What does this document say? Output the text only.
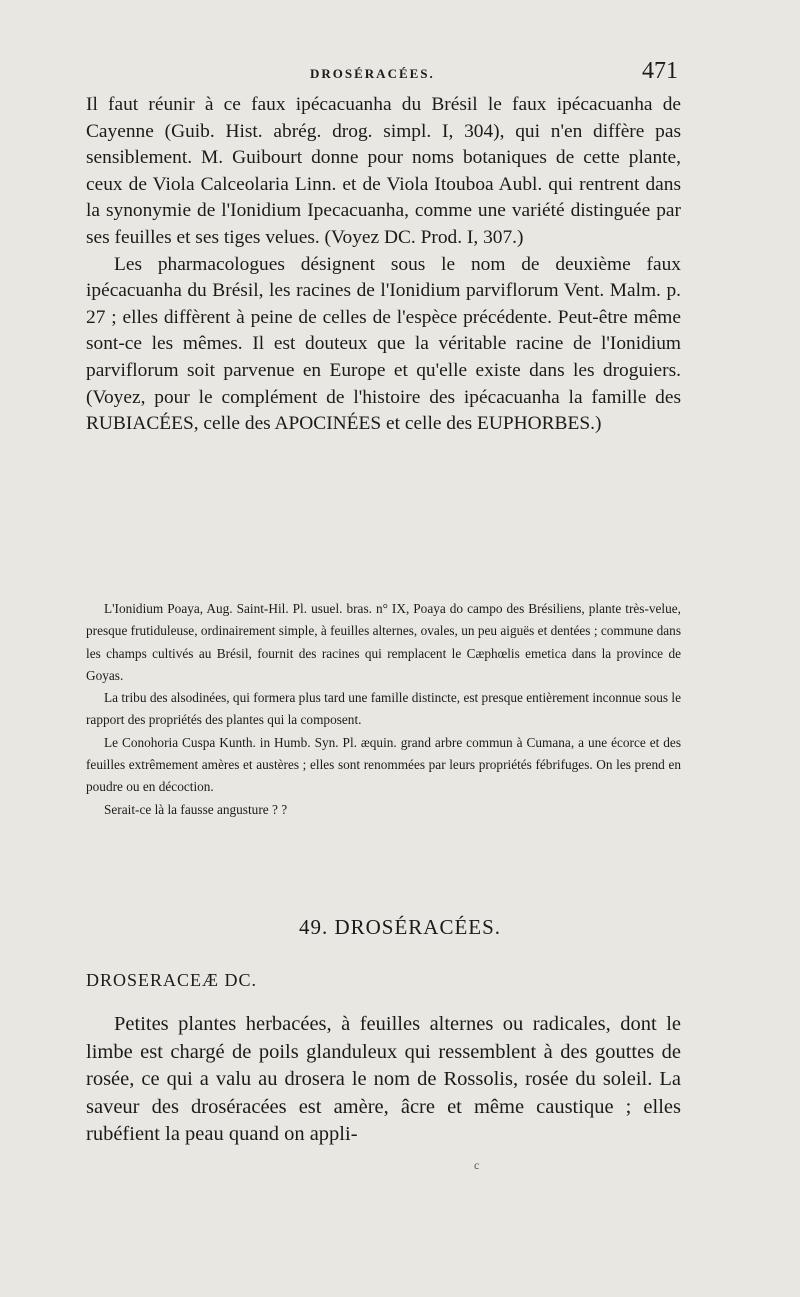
DROSÉRACÉES.	471

Il faut réunir à ce faux ipécacuanha du Brésil le faux ipécacuanha de Cayenne (Guib. Hist. abrég. drog. simpl. I, 304), qui n'en diffère pas sensiblement. M. Guibourt donne pour noms botaniques de cette plante, ceux de Viola Calceolaria Linn. et de Viola Itouboa Aubl. qui rentrent dans la synonymie de l'Ionidium Ipecacuanha, comme une variété distinguée par ses feuilles et ses tiges velues. (Voyez DC. Prod. I, 307.)

Les pharmacologues désignent sous le nom de deuxième faux ipécacuanha du Brésil, les racines de l'Ionidium parviflorum Vent. Malm. p. 27 ; elles diffèrent à peine de celles de l'espèce précédente. Peut-être même sont-ce les mêmes. Il est douteux que la véritable racine de l'Ionidium parviflorum soit parvenue en Europe et qu'elle existe dans les droguiers. (Voyez, pour le complément de l'histoire des ipécacuanha la famille des RUBIACÉES, celle des APOCINÉES et celle des EUPHORBES.)

L'Ionidium Poaya, Aug. Saint-Hil. Pl. usuel. bras. n° IX, Poaya do campo des Brésiliens, plante très-velue, presque frutiduleuse, ordinairement simple, à feuilles alternes, ovales, un peu aiguës et dentées ; commune dans les champs cultivés au Brésil, fournit des racines qui remplacent le Cæphœlis emetica dans la province de Goyas.

La tribu des alsodinées, qui formera plus tard une famille distincte, est presque entièrement inconnue sous le rapport des propriétés des plantes qui la composent.

Le Conohoria Cuspa Kunth. in Humb. Syn. Pl. æquin. grand arbre commun à Cumana, a une écorce et des feuilles extrêmement amères et austères ; elles sont renommées par leurs propriétés fébrifuges. On les prend en poudre ou en décoction.

Serait-ce là la fausse angusture ? ?

49. DROSÉRACÉES.
DROSERACEÆ DC.

Petites plantes herbacées, à feuilles alternes ou radicales, dont le limbe est chargé de poils glanduleux qui ressemblent à des gouttes de rosée, ce qui a valu au drosera le nom de Rossolis, rosée du soleil. La saveur des droséracées est amère, âcre et même caustique ; elles rubéfient la peau quand on appli-

c
